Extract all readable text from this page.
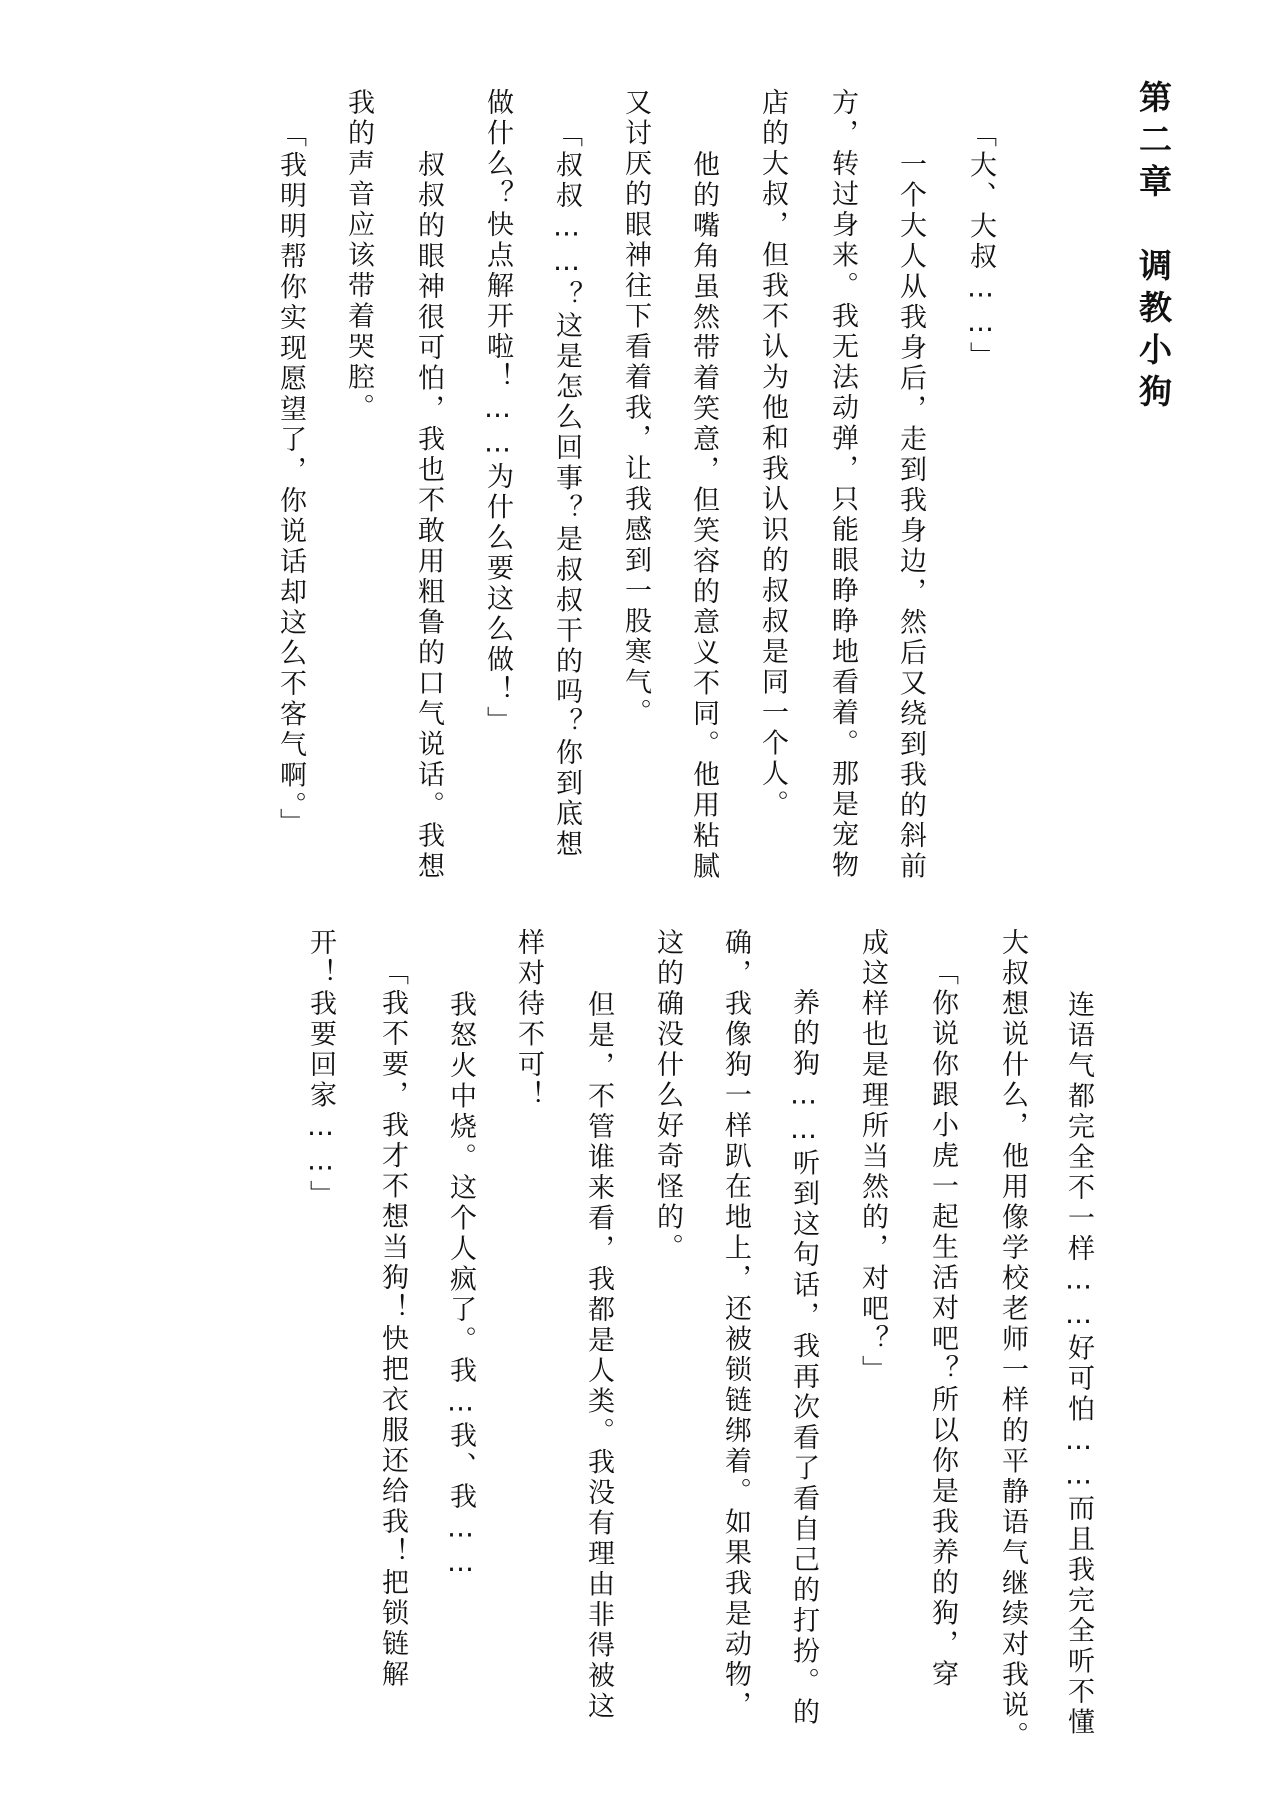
第二章　调教小狗
「大、大叔……」
一个大人从我身后，走到我身边，然后又绕到我的斜前
方，转过身来。我无法动弹，只能眼睁睁地看着。那是宠物
店的大叔，但我不认为他和我认识的叔叔是同一个人。
他的嘴角虽然带着笑意，但笑容的意义不同。他用粘腻
又讨厌的眼神往下看着我，让我感到一股寒气。
「叔叔……？这是怎么回事？是叔叔干的吗？你到底想
做什么？快点解开啦！……为什么要这么做！」
叔叔的眼神很可怕，我也不敢用粗鲁的口气说话。我想
我的声音应该带着哭腔。
「我明明帮你实现愿望了，你说话却这么不客气啊。」
连语气都完全不一样……好可怕……而且我完全听不懂
大叔想说什么，他用像学校老师一样的平静语气继续对我说。
「你说你跟小虎一起生活对吧？所以你是我养的狗，穿
成这样也是理所当然的，对吧？」
养的狗……听到这句话，我再次看了看自己的打扮。的
确，我像狗一样趴在地上，还被锁链绑着。如果我是动物，
这的确没什么好奇怪的。
但是，不管谁来看，我都是人类。我没有理由非得被这
样对待不可！
我怒火中烧。这个人疯了。我…我、我……
「我不要，我才不想当狗！快把衣服还给我！把锁链解
开！我要回家……」
